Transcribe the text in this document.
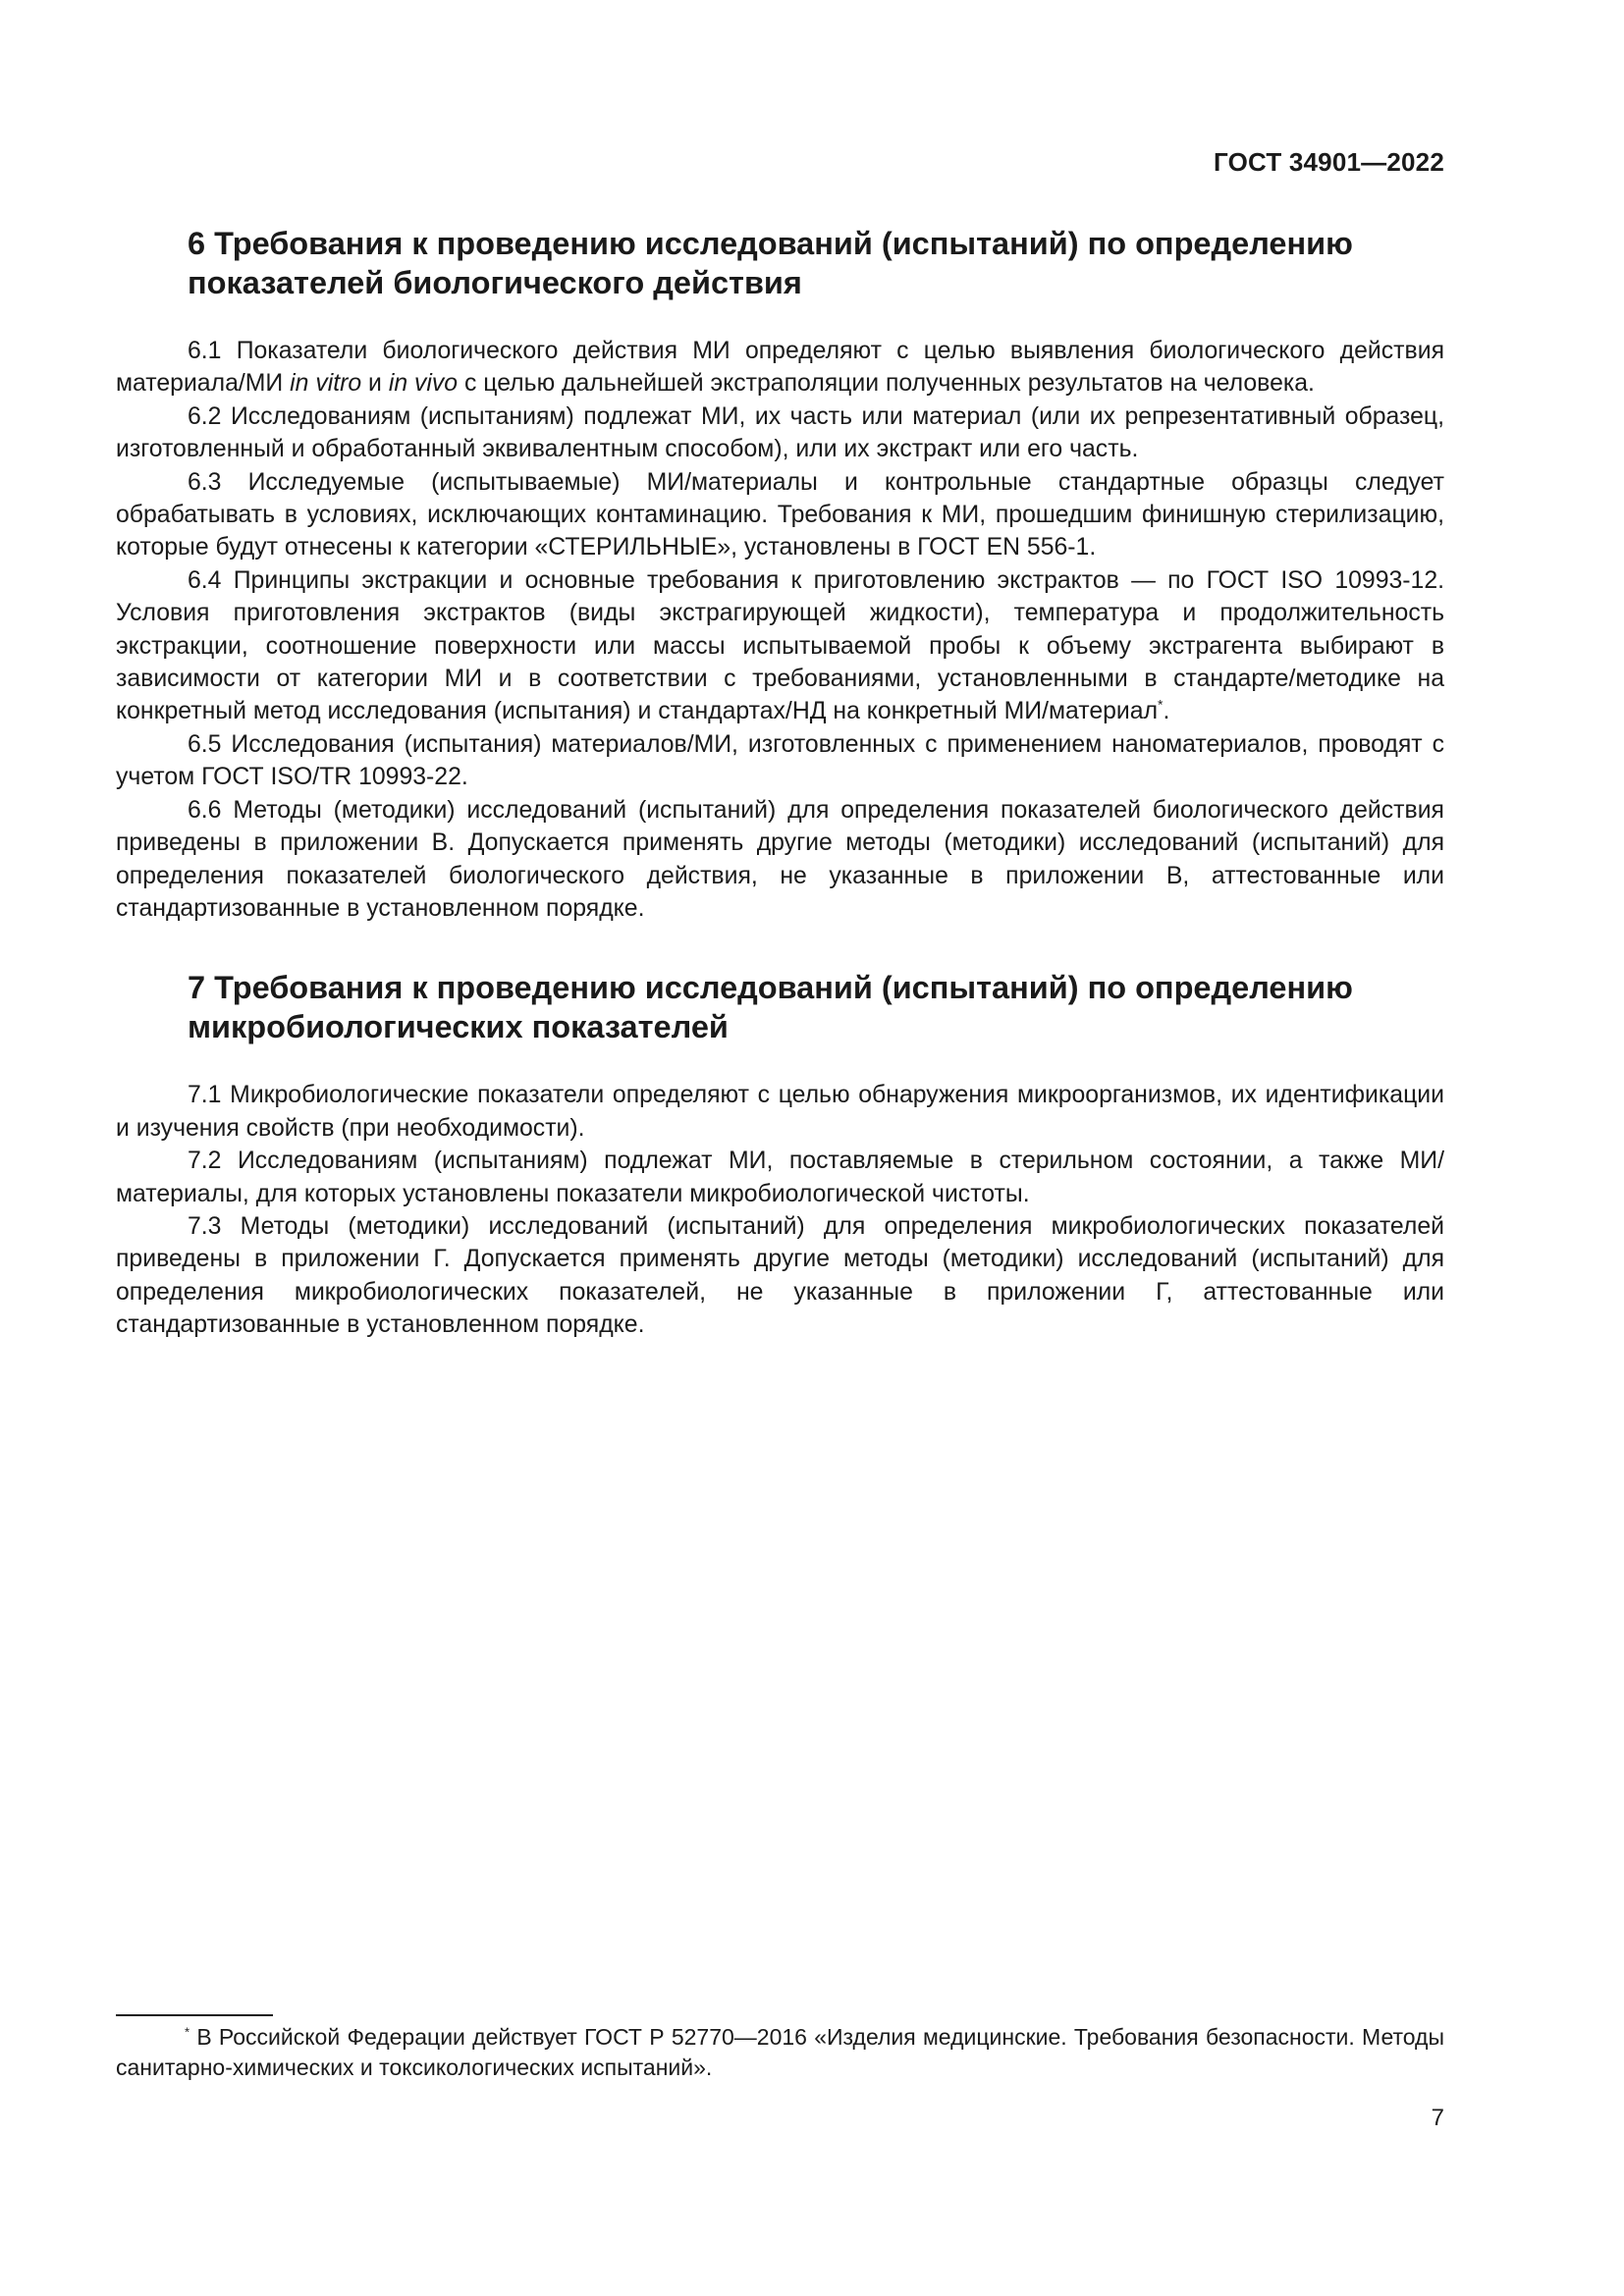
ГОСТ 34901—2022
6 Требования к проведению исследований (испытаний) по определению показателей биологического действия

6.1 Показатели биологического действия МИ определяют с целью выявления биологического действия материала/МИ in vitro и in vivo с целью дальнейшей экстраполяции полученных результатов на человека.

6.2 Исследованиям (испытаниям) подлежат МИ, их часть или материал (или их репрезентативный образец, изготовленный и обработанный эквивалентным способом), или их экстракт или его часть.

6.3 Исследуемые (испытываемые) МИ/материалы и контрольные стандартные образцы следует обрабатывать в условиях, исключающих контаминацию. Требования к МИ, прошедшим финишную стерилизацию, которые будут отнесены к категории «СТЕРИЛЬНЫЕ», установлены в ГОСТ EN 556-1.

6.4 Принципы экстракции и основные требования к приготовлению экстрактов — по ГОСТ ISO 10993-12. Условия приготовления экстрактов (виды экстрагирующей жидкости), температура и продолжительность экстракции, соотношение поверхности или массы испытываемой пробы к объему экстрагента выбирают в зависимости от категории МИ и в соответствии с требованиями, установленными в стандарте/методике на конкретный метод исследования (испытания) и стандартах/НД на конкретный МИ/материал*.

6.5 Исследования (испытания) материалов/МИ, изготовленных с применением наноматериалов, проводят с учетом ГОСТ ISO/TR 10993-22.

6.6 Методы (методики) исследований (испытаний) для определения показателей биологического действия приведены в приложении В. Допускается применять другие методы (методики) исследований (испытаний) для определения показателей биологического действия, не указанные в приложении В, аттестованные или стандартизованные в установленном порядке.

7 Требования к проведению исследований (испытаний) по определению микробиологических показателей

7.1 Микробиологические показатели определяют с целью обнаружения микроорганизмов, их идентификации и изучения свойств (при необходимости).

7.2 Исследованиям (испытаниям) подлежат МИ, поставляемые в стерильном состоянии, а также МИ/материалы, для которых установлены показатели микробиологической чистоты.

7.3 Методы (методики) исследований (испытаний) для определения микробиологических показателей приведены в приложении Г. Допускается применять другие методы (методики) исследований (испытаний) для определения микробиологических показателей, не указанные в приложении Г, аттестованные или стандартизованные в установленном порядке.

* В Российской Федерации действует ГОСТ Р 52770—2016 «Изделия медицинские. Требования безопасности. Методы санитарно-химических и токсикологических испытаний».

7
